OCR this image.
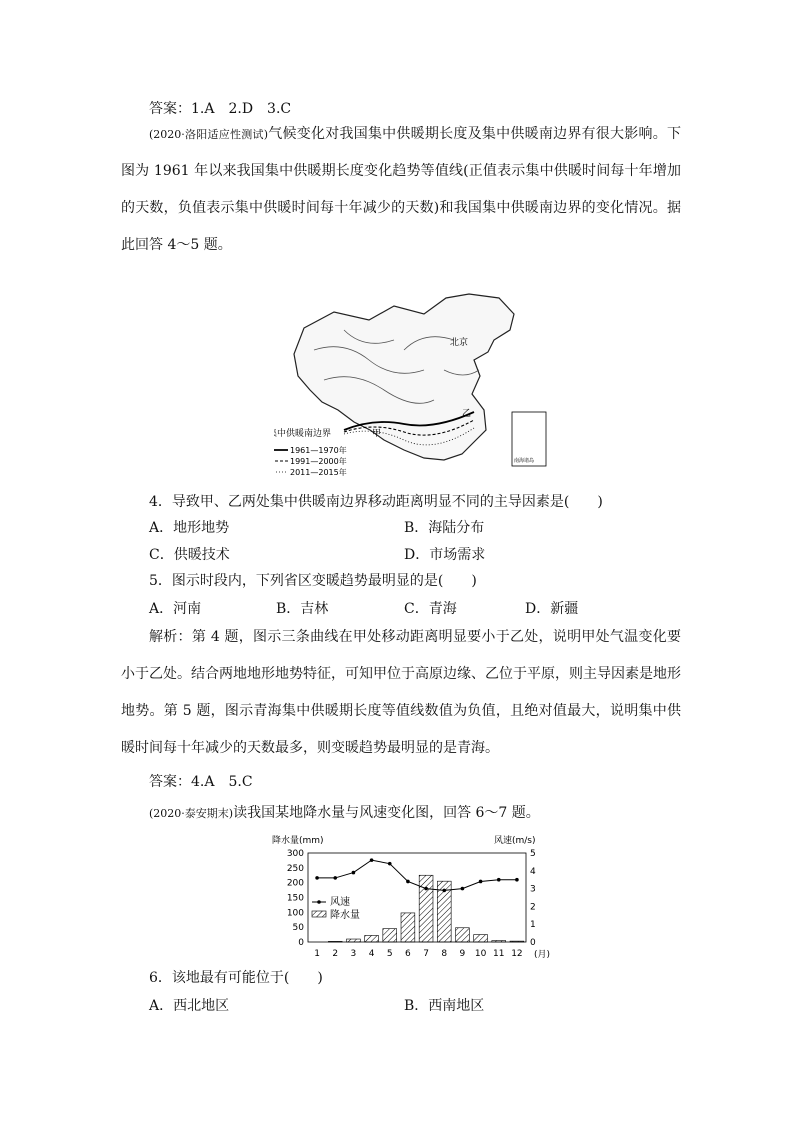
答案：1.A　2.D　3.C
(2020·洛阳适应性测试)气候变化对我国集中供暖期长度及集中供暖南边界有很大影响。下图为 1961 年以来我国集中供暖期长度变化趋势等值线(正值表示集中供暖时间每十年增加的天数，负值表示集中供暖时间每十年减少的天数)和我国集中供暖南边界的变化情况。据此回答 4～5 题。
北京
甲
乙
南海诸岛
集中供暖南边界
1961—1970年
1991—2000年
2011—2015年
4．导致甲、乙两处集中供暖南边界移动距离明显不同的主导因素是(　　)
A．地形地势	B．海陆分布
C．供暖技术	D．市场需求
5．图示时段内，下列省区变暖趋势最明显的是(　　)
A．河南	B．吉林	C．青海	D．新疆
解析：第 4 题，图示三条曲线在甲处移动距离明显要小于乙处，说明甲处气温变化要小于乙处。结合两地地形地势特征，可知甲位于高原边缘、乙位于平原，则主导因素是地形地势。第 5 题，图示青海集中供暖期长度等值线数值为负值，且绝对值最大，说明集中供暖时间每十年减少的天数最多，则变暖趋势最明显的是青海。
答案：4.A　5.C
(2020·泰安期末)读我国某地降水量与风速变化图，回答 6～7 题。
降水量(mm)	风速(m/s)
0
50
100
150
200
250
300
0
1
2
3
4
5
1 2 3 4 5 6 7 8 9 10 11 12
风速
降水量
(月)
6．该地最有可能位于(　　)
A．西北地区	B．西南地区
